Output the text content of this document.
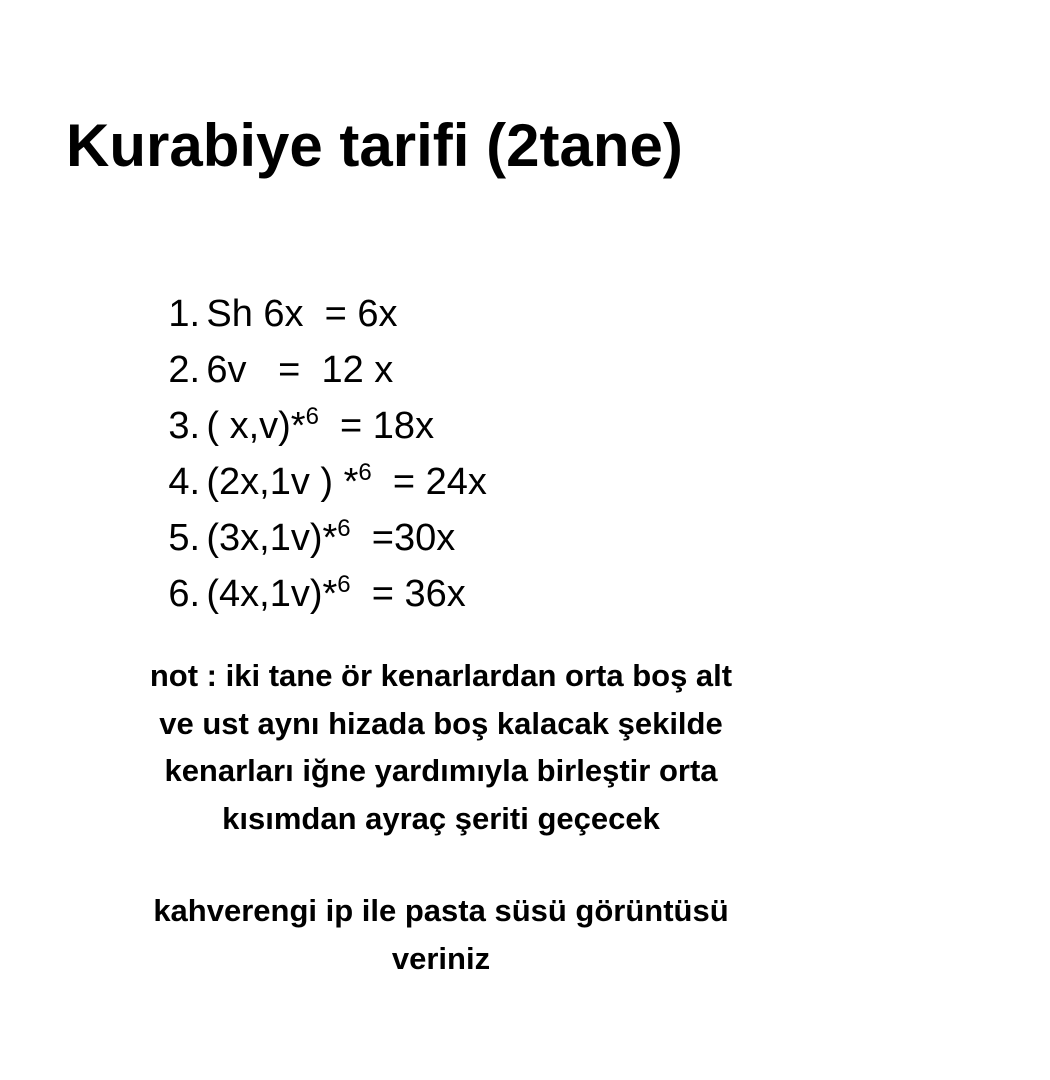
Kurabiye tarifi (2tane)

1. Sh 6x  = 6x

2. 6v   =  12 x

3. ( x,v)*$^6$  = 18x

4. (2x,1v ) *$^6$  = 24x

5. (3x,1v)*$^6$  =30x

6. (4x,1v)*$^6$  = 36x

not : iki tane ör kenarlardan orta boş alt
ve ust aynı hizada boş kalacak şekilde
kenarları iğne yardımıyla birleştir orta
kısımdan ayraç şeriti geçecek

kahverengi ip ile pasta süsü görüntüsü
veriniz
